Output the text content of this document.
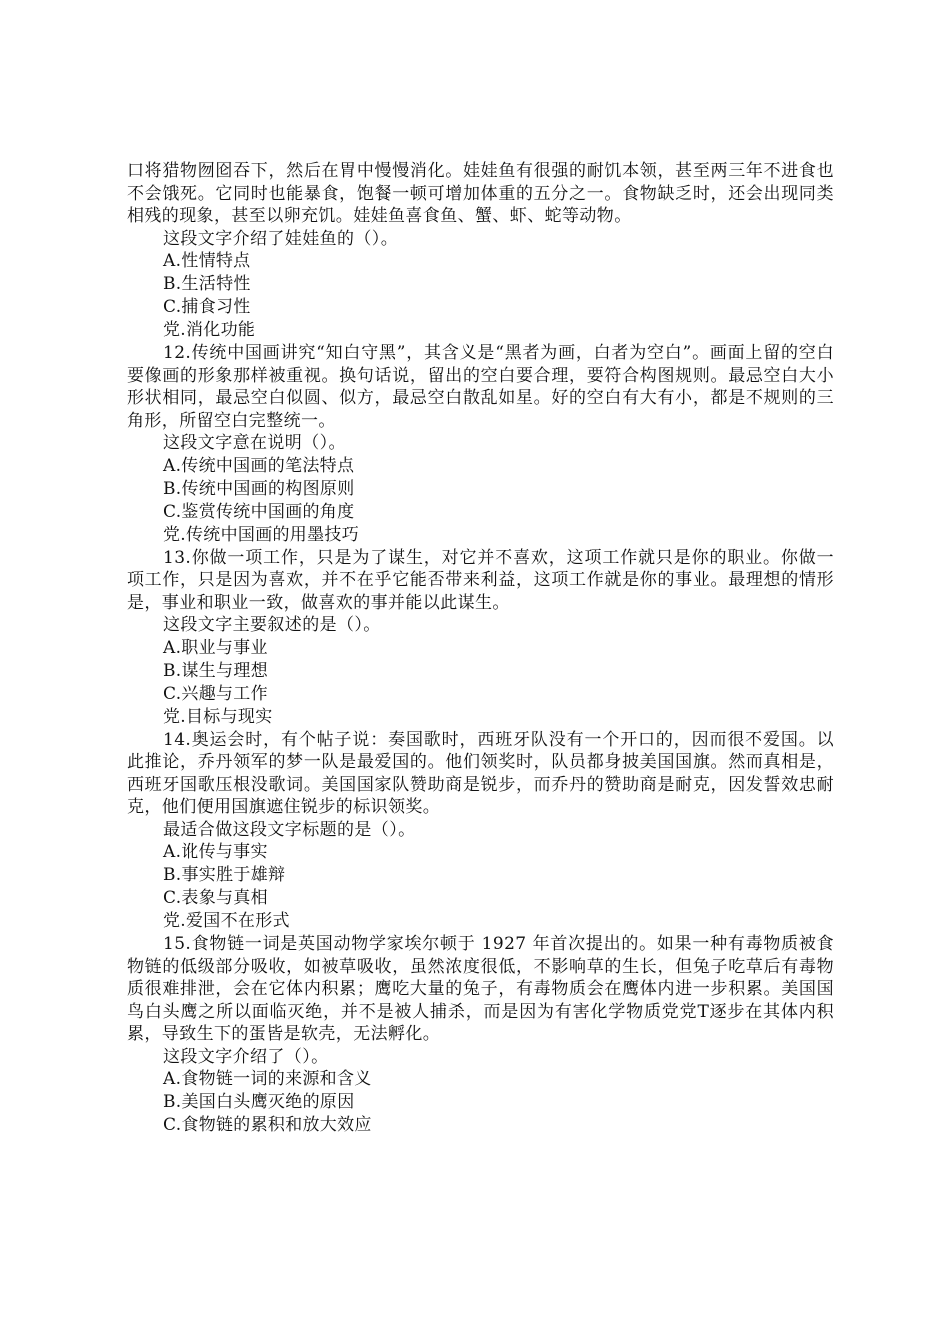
口将猎物囫囵吞下，然后在胃中慢慢消化。娃娃鱼有很强的耐饥本领，甚至两三年不进食也不会饿死。它同时也能暴食，饱餐一顿可增加体重的五分之一。食物缺乏时，还会出现同类相残的现象，甚至以卵充饥。娃娃鱼喜食鱼、蟹、虾、蛇等动物。

这段文字介绍了娃娃鱼的（）。

A.性情特点

B.生活特性

C.捕食习性

党.消化功能

12.传统中国画讲究“知白守黑”，其含义是“黑者为画，白者为空白”。画面上留的空白要像画的形象那样被重视。换句话说，留出的空白要合理，要符合构图规则。最忌空白大小形状相同，最忌空白似圆、似方，最忌空白散乱如星。好的空白有大有小，都是不规则的三角形，所留空白完整统一。

这段文字意在说明（）。

A.传统中国画的笔法特点

B.传统中国画的构图原则

C.鉴赏传统中国画的角度

党.传统中国画的用墨技巧

13.你做一项工作，只是为了谋生，对它并不喜欢，这项工作就只是你的职业。你做一项工作，只是因为喜欢，并不在乎它能否带来利益，这项工作就是你的事业。最理想的情形是，事业和职业一致，做喜欢的事并能以此谋生。

这段文字主要叙述的是（）。

A.职业与事业

B.谋生与理想

C.兴趣与工作

党.目标与现实

14.奥运会时，有个帖子说：奏国歌时，西班牙队没有一个开口的，因而很不爱国。以此推论，乔丹领军的梦一队是最爱国的。他们领奖时，队员都身披美国国旗。然而真相是，西班牙国歌压根没歌词。美国国家队赞助商是锐步，而乔丹的赞助商是耐克，因发誓效忠耐克，他们便用国旗遮住锐步的标识领奖。

最适合做这段文字标题的是（）。

A.讹传与事实

B.事实胜于雄辩

C.表象与真相

党.爱国不在形式

15.食物链一词是英国动物学家埃尔顿于 1927 年首次提出的。如果一种有毒物质被食物链的低级部分吸收，如被草吸收，虽然浓度很低，不影响草的生长，但兔子吃草后有毒物质很难排泄，会在它体内积累；鹰吃大量的兔子，有毒物质会在鹰体内进一步积累。美国国鸟白头鹰之所以面临灭绝，并不是被人捕杀，而是因为有害化学物质党党T逐步在其体内积累，导致生下的蛋皆是软壳，无法孵化。

这段文字介绍了（）。

A.食物链一词的来源和含义

B.美国白头鹰灭绝的原因

C.食物链的累积和放大效应
